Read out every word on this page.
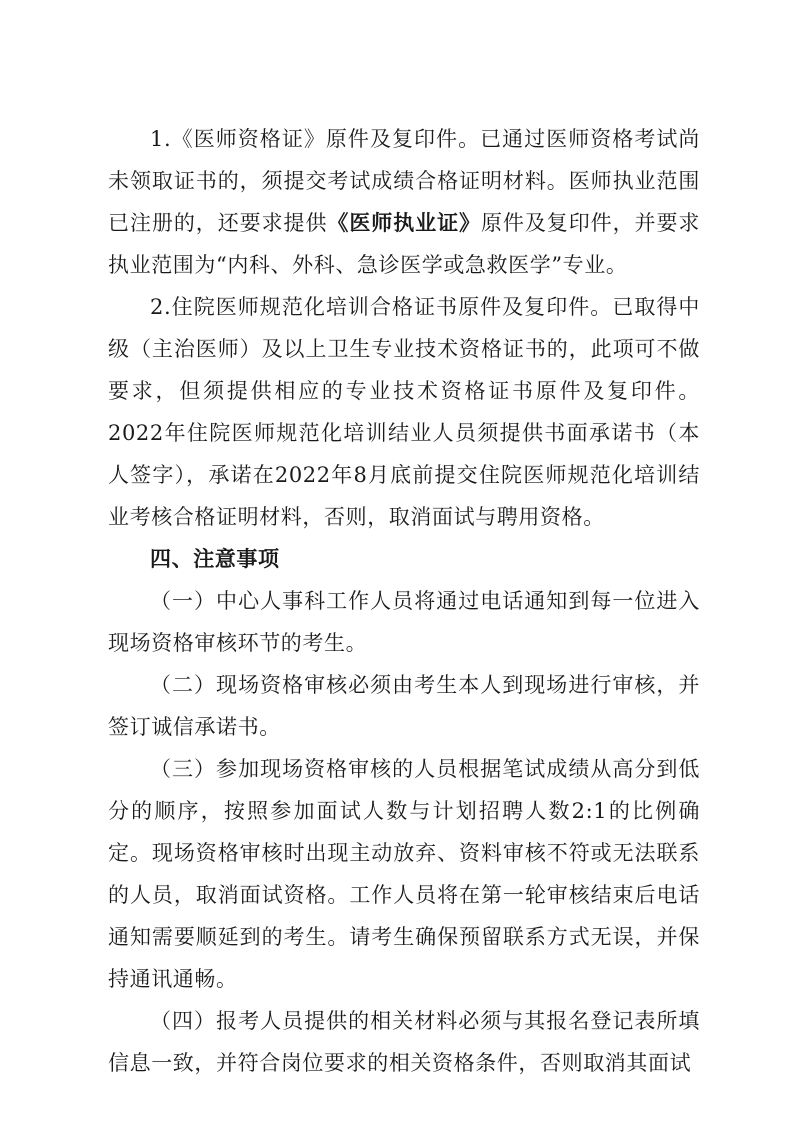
1.《医师资格证》原件及复印件。已通过医师资格考试尚未领取证书的，须提交考试成绩合格证明材料。医师执业范围已注册的，还要求提供《医师执业证》原件及复印件，并要求执业范围为“内科、外科、急诊医学或急救医学”专业。

2.住院医师规范化培训合格证书原件及复印件。已取得中级（主治医师）及以上卫生专业技术资格证书的，此项可不做要求，但须提供相应的专业技术资格证书原件及复印件。2022年住院医师规范化培训结业人员须提供书面承诺书（本人签字），承诺在2022年8月底前提交住院医师规范化培训结业考核合格证明材料，否则，取消面试与聘用资格。

四、注意事项

（一）中心人事科工作人员将通过电话通知到每一位进入现场资格审核环节的考生。

（二）现场资格审核必须由考生本人到现场进行审核，并签订诚信承诺书。

（三）参加现场资格审核的人员根据笔试成绩从高分到低分的顺序，按照参加面试人数与计划招聘人数2:1的比例确定。现场资格审核时出现主动放弃、资料审核不符或无法联系的人员，取消面试资格。工作人员将在第一轮审核结束后电话通知需要顺延到的考生。请考生确保预留联系方式无误，并保持通讯通畅。

（四）报考人员提供的相关材料必须与其报名登记表所填信息一致，并符合岗位要求的相关资格条件，否则取消其面试
